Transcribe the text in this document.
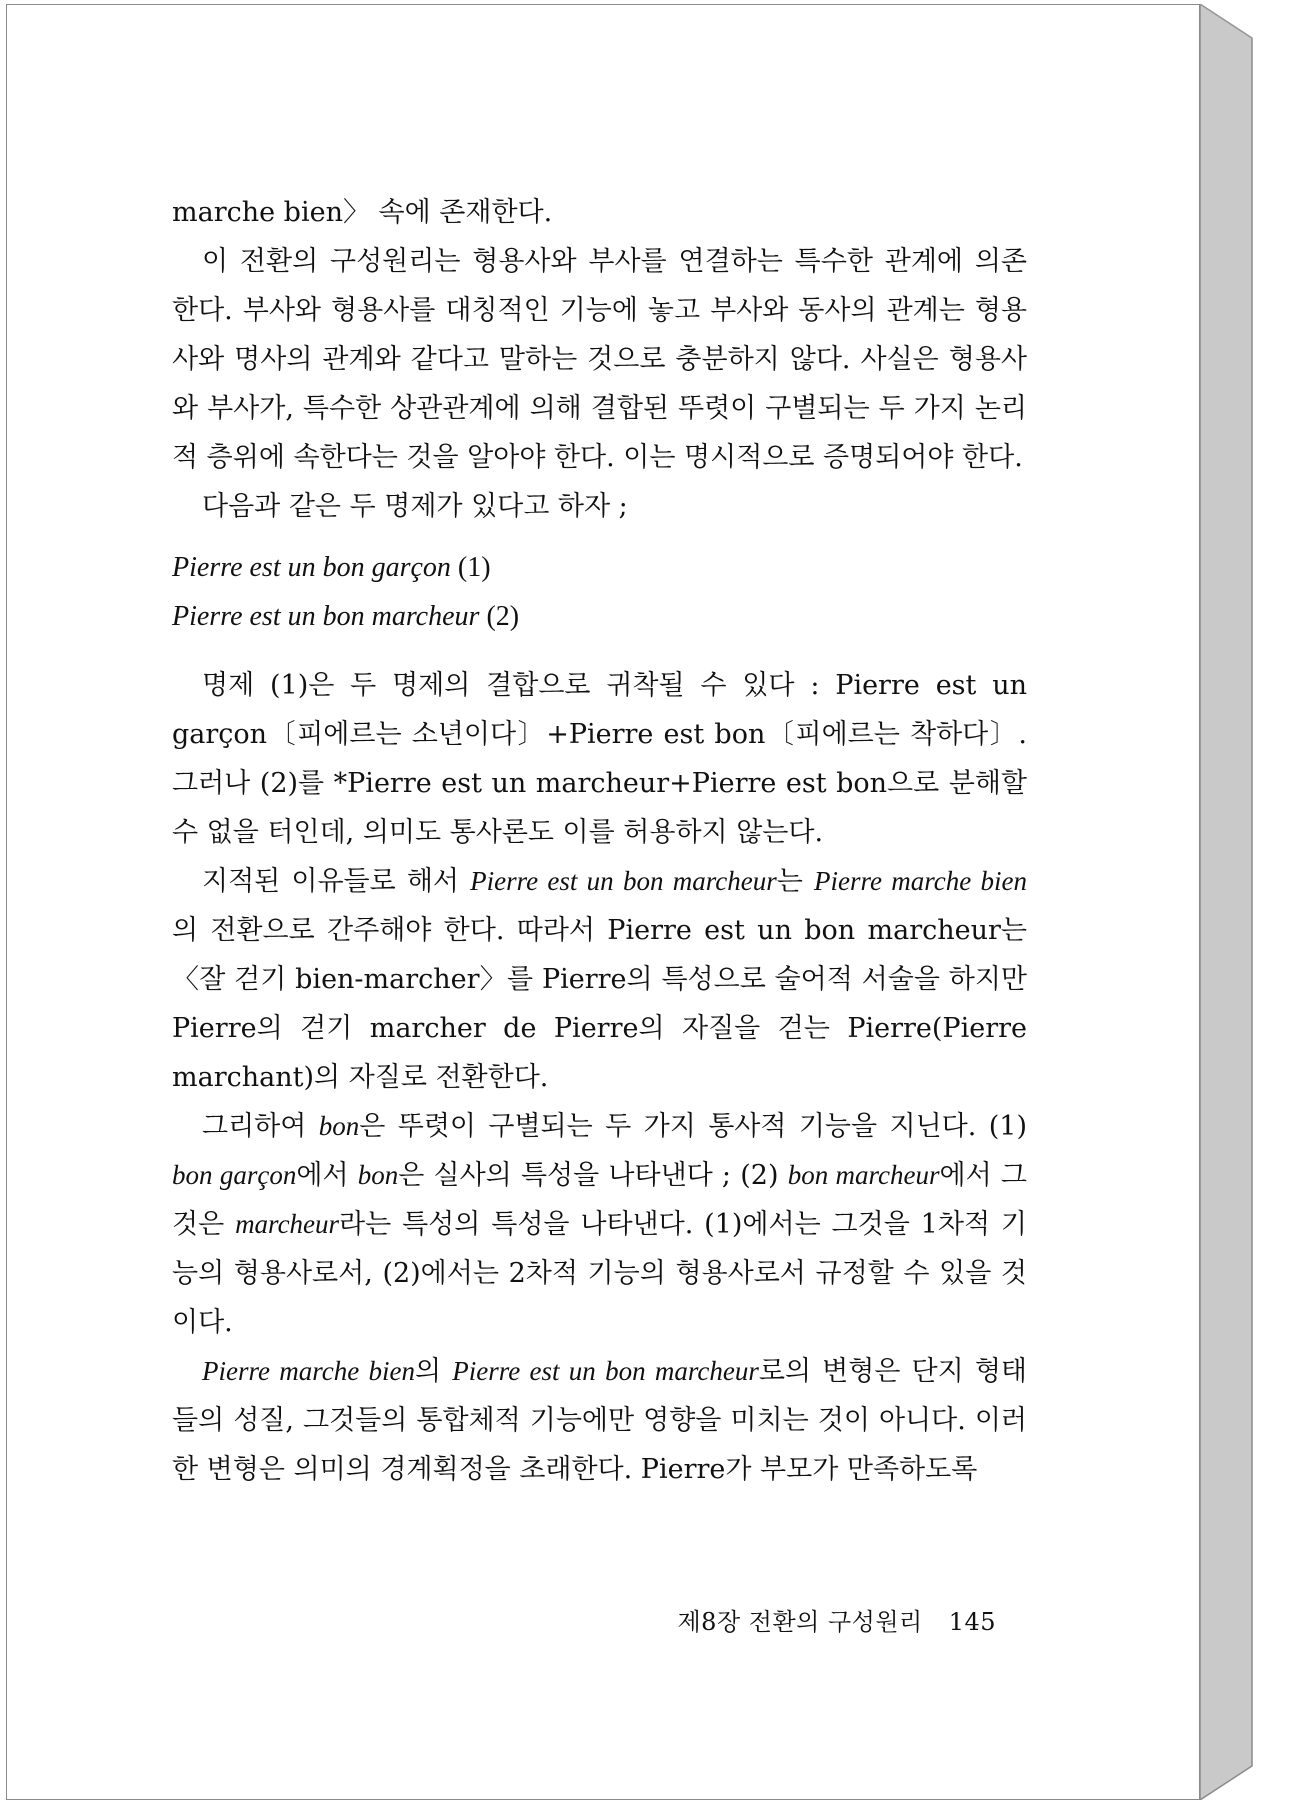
marche bien〉 속에 존재한다.

이 전환의 구성원리는 형용사와 부사를 연결하는 특수한 관계에 의존한다. 부사와 형용사를 대칭적인 기능에 놓고 부사와 동사의 관계는 형용사와 명사의 관계와 같다고 말하는 것으로 충분하지 않다. 사실은 형용사와 부사가, 특수한 상관관계에 의해 결합된 뚜렷이 구별되는 두 가지 논리적 층위에 속한다는 것을 알아야 한다. 이는 명시적으로 증명되어야 한다.

다음과 같은 두 명제가 있다고 하자 ;

Pierre est un bon garçon (1)

Pierre est un bon marcheur (2)

명제 (1)은 두 명제의 결합으로 귀착될 수 있다 : Pierre est un garçon〔피에르는 소년이다〕+Pierre est bon〔피에르는 착하다〕. 그러나 (2)를 *Pierre est un marcheur+Pierre est bon으로 분해할 수 없을 터인데, 의미도 통사론도 이를 허용하지 않는다.

지적된 이유들로 해서 Pierre est un bon marcheur는 Pierre marche bien의 전환으로 간주해야 한다. 따라서 Pierre est un bon marcheur는 〈잘 걷기 bien-marcher〉를 Pierre의 특성으로 술어적 서술을 하지만 Pierre의 걷기 marcher de Pierre의 자질을 걷는 Pierre(Pierre marchant)의 자질로 전환한다.

그리하여 bon은 뚜렷이 구별되는 두 가지 통사적 기능을 지닌다. (1) bon garçon에서 bon은 실사의 특성을 나타낸다 ; (2) bon marcheur에서 그것은 marcheur라는 특성의 특성을 나타낸다. (1)에서는 그것을 1차적 기능의 형용사로서, (2)에서는 2차적 기능의 형용사로서 규정할 수 있을 것이다.

Pierre marche bien의 Pierre est un bon marcheur로의 변형은 단지 형태들의 성질, 그것들의 통합체적 기능에만 영향을 미치는 것이 아니다. 이러한 변형은 의미의 경계획정을 초래한다. Pierre가 부모가 만족하도록

제8장 전환의 구성원리 145
